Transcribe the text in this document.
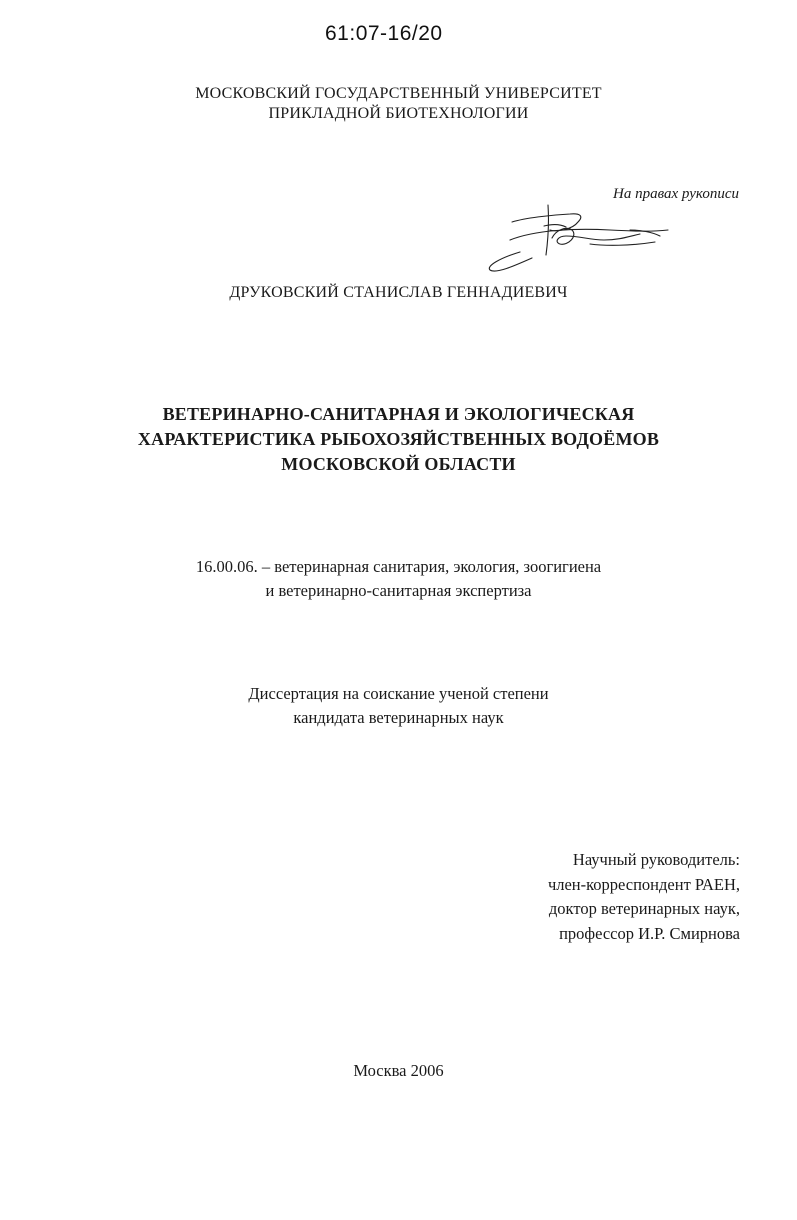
61:07-16/20
МОСКОВСКИЙ ГОСУДАРСТВЕННЫЙ УНИВЕРСИТЕТ
ПРИКЛАДНОЙ БИОТЕХНОЛОГИИ
На правах рукописи
ДРУКОВСКИЙ СТАНИСЛАВ ГЕННАДИЕВИЧ
ВЕТЕРИНАРНО-САНИТАРНАЯ И ЭКОЛОГИЧЕСКАЯ
ХАРАКТЕРИСТИКА РЫБОХОЗЯЙСТВЕННЫХ ВОДОЁМОВ
МОСКОВСКОЙ ОБЛАСТИ
16.00.06. – ветеринарная санитария, экология, зоогигиена
и ветеринарно-санитарная экспертиза
Диссертация на соискание ученой степени
кандидата ветеринарных наук
Научный руководитель:
член-корреспондент РАЕН,
доктор ветеринарных наук,
профессор И.Р. Смирнова
Москва 2006
